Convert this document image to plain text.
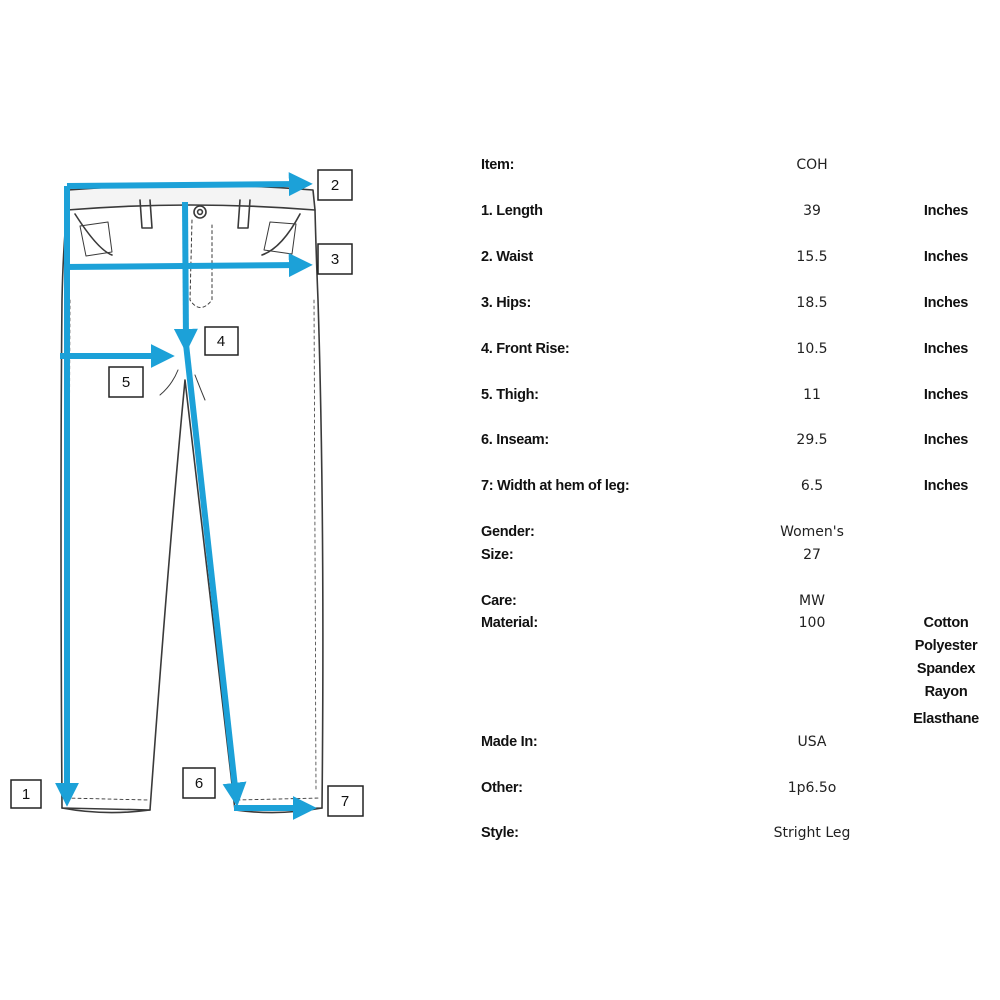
1
2
3
4
5
6
7
Item:	COH
1. Length	39	Inches
2. Waist	15.5	Inches
3. Hips:	18.5	Inches
4. Front Rise:	10.5	Inches
5. Thigh:	11	Inches
6. Inseam:	29.5	Inches
7: Width at hem of leg:	6.5	Inches
Gender:	Women's
Size:	27
Care:	MW
Material:	100	Cotton
Polyester
Spandex
Rayon
Elasthane
Made In:	USA
Other:	1p6.5o
Style:	Stright Leg
